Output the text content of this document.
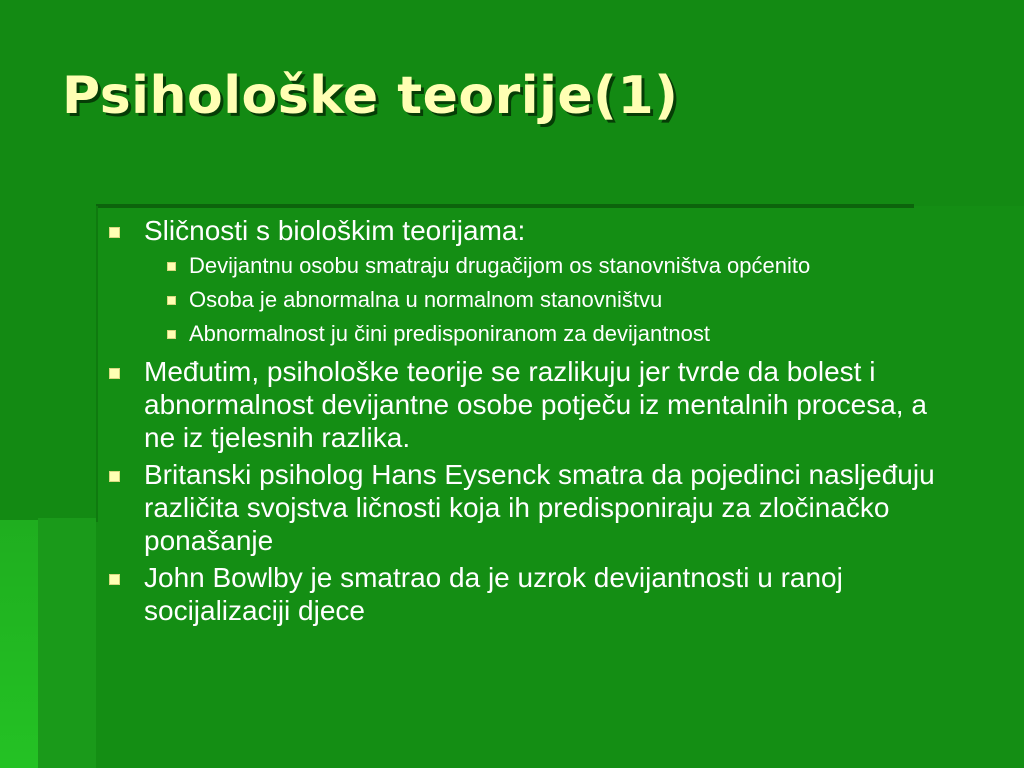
Psihološke teorije(1)
Sličnosti s biološkim teorijama:
Devijantnu osobu smatraju drugačijom os stanovništva općenito
Osoba je abnormalna u normalnom stanovništvu
Abnormalnost ju čini predisponiranom za devijantnost
Međutim, psihološke teorije se razlikuju jer tvrde da bolest i abnormalnost devijantne osobe potječu iz mentalnih procesa, a ne iz tjelesnih razlika.
Britanski psiholog Hans Eysenck smatra da pojedinci nasljeđuju različita svojstva ličnosti koja ih predisponiraju za zločinačko ponašanje
John Bowlby je smatrao da je uzrok devijantnosti u ranoj socijalizaciji djece
